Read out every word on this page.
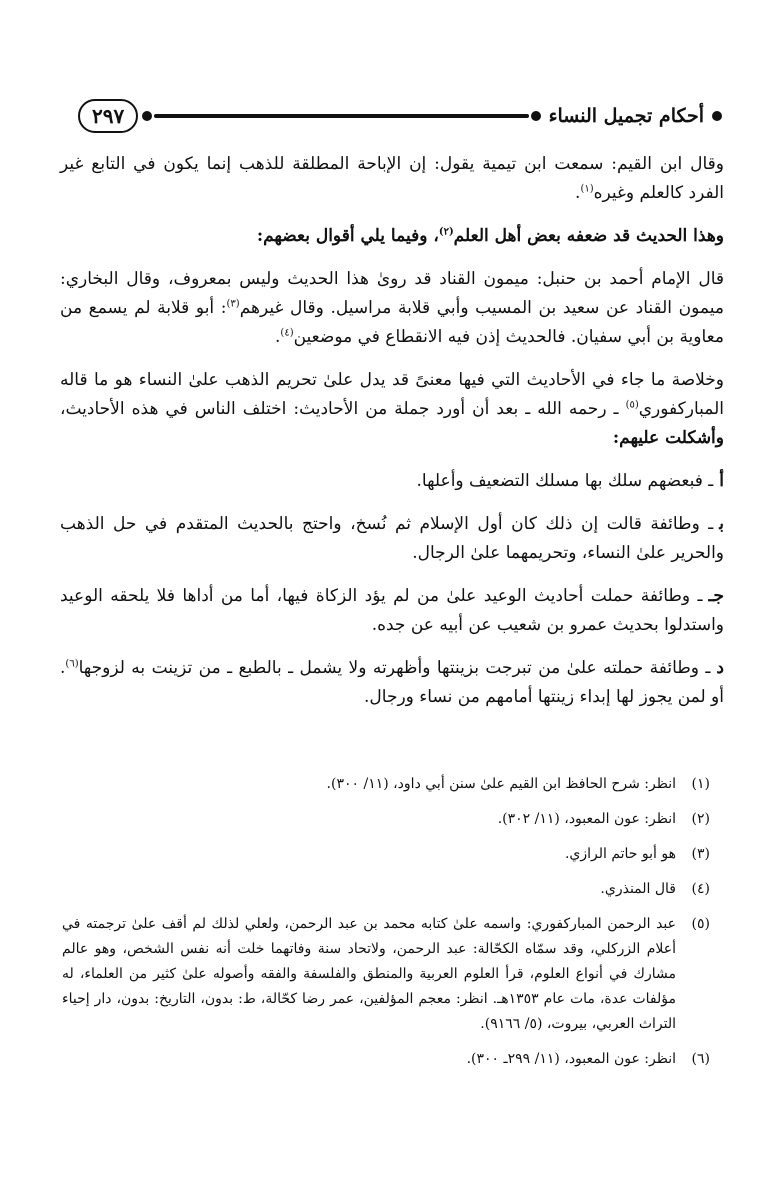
أحكام تجميل النساء
٢٩٧

وقال ابن القيم: سمعت ابن تيمية يقول: إن الإباحة المطلقة للذهب إنما يكون في التابع غير الفرد كالعلم وغيره$^{(١)}$.

وهذا الحديث قد ضعفه بعض أهل العلم$^{(٢)}$، وفيما يلي أقوال بعضهم:

قال الإمام أحمد بن حنبل: ميمون القناد قد روىٰ هذا الحديث وليس بمعروف، وقال البخاري: ميمون القناد عن سعيد بن المسيب وأبي قلابة مراسيل. وقال غيرهم$^{(٣)}$: أبو قلابة لم يسمع من معاوية بن أبي سفيان. فالحديث إذن فيه الانقطاع في موضعين$^{(٤)}$.

وخلاصة ما جاء في الأحاديث التي فيها معنىً قد يدل علىٰ تحريم الذهب علىٰ النساء هو ما قاله المباركفوري$^{(٥)}$ ـ رحمه الله ـ بعد أن أورد جملة من الأحاديث: اختلف الناس في هذه الأحاديث، وأشكلت عليهم:

أـ فبعضهم سلك بها مسلك التضعيف وأعلها.

بـ وطائفة قالت إن ذلك كان أول الإسلام ثم نُسخ، واحتج بالحديث المتقدم في حل الذهب والحرير علىٰ النساء، وتحريمهما علىٰ الرجال.

جــ وطائفة حملت أحاديث الوعيد علىٰ من لم يؤد الزكاة فيها، أما من أداها فلا يلحقه الوعيد واستدلوا بحديث عمرو بن شعيب عن أبيه عن جده.

دـ وطائفة حملته علىٰ من تبرجت بزينتها وأظهرته ولا يشمل ـ بالطبع ـ من تزينت به لزوجها$^{(٦)}$. أو لمن يجوز لها إبداء زينتها أمامهم من نساء ورجال.

(١)
انظر: شرح الحافظ ابن القيم علىٰ سنن أبي داود، (١١/ ٣٠٠).
(٢)
انظر: عون المعبود، (١١/ ٣٠٢).
(٣)
هو أبو حاتم الرازي.
(٤)
قال المنذري.
(٥)
عبد الرحمن المباركفوري: واسمه علىٰ كتابه محمد بن عبد الرحمن، ولعلي لذلك لم أقف علىٰ ترجمته في أعلام الزركلي، وقد سمّاه الكحّالة: عبد الرحمن، ولاتحاد سنة وفاتهما خلت أنه نفس الشخص، وهو عالم مشارك في أنواع العلوم، قرأ العلوم العربية والمنطق والفلسفة والفقه وأصوله علىٰ كثير من العلماء، له مؤلفات عدة، مات عام ١٣٥٣هـ. انظر: معجم المؤلفين، عمر رضا كحّالة، ط: بدون، التاريخ: بدون، دار إحياء التراث العربي، بيروت، (٥/ ٩١٦٦).
(٦)
انظر: عون المعبود، (١١/ ٢٩٩ـ ٣٠٠).
